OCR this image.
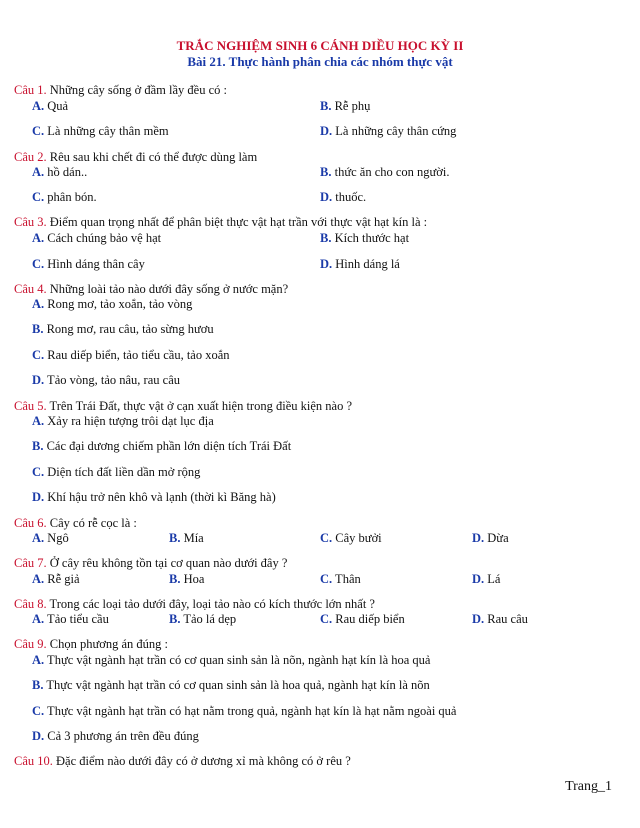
TRẮC NGHIỆM SINH 6 CÁNH DIỀU HỌC KỲ II
Bài 21. Thực hành phân chia các nhóm thực vật
Câu 1. Những cây sống ở đầm lầy đều có :
A. Quả	B. Rễ phụ
C. Là những cây thân mềm	D. Là những cây thân cứng
Câu 2. Rêu sau khi chết đi có thể được dùng làm
A. hồ dán..	B. thức ăn cho con người.
C. phân bón.	D. thuốc.
Câu 3. Điểm quan trọng nhất để phân biệt thực vật hạt trần với thực vật hạt kín là :
A. Cách chúng bảo vệ hạt	B. Kích thước hạt
C. Hình dáng thân cây	D. Hình dáng lá
Câu 4. Những loài tảo nào dưới đây sống ở nước mặn?
A. Rong mơ, tảo xoắn, tảo vòng
B. Rong mơ, rau câu, tảo sừng hươu
C. Rau diếp biển, tảo tiểu cầu, tảo xoắn
D. Tảo vòng, tảo nâu, rau câu
Câu 5. Trên Trái Đất, thực vật ở cạn xuất hiện trong điều kiện nào ?
A. Xảy ra hiện tượng trôi dạt lục địa
B. Các đại dương chiếm phần lớn diện tích Trái Đất
C. Diện tích đất liền dần mở rộng
D. Khí hậu trở nên khô và lạnh (thời kì Băng hà)
Câu 6. Cây có rễ cọc là :
A. Ngô	B. Mía	C. Cây bưởi	D. Dừa
Câu 7. Ở cây rêu không tồn tại cơ quan nào dưới đây ?
A. Rễ giả	B. Hoa	C. Thân	D. Lá
Câu 8. Trong các loại tảo dưới đây, loại tảo nào có kích thước lớn nhất ?
A. Tảo tiểu cầu	B. Tảo lá dẹp	C. Rau diếp biển	D. Rau câu
Câu 9. Chọn phương án đúng :
A. Thực vật ngành hạt trần có cơ quan sinh sản là nõn, ngành hạt kín là hoa quả
B. Thực vật ngành hạt trần có cơ quan sinh sản là hoa quả, ngành hạt kín là nõn
C. Thực vật ngành hạt trần có hạt nằm trong quả, ngành hạt kín là hạt nằm ngoài quả
D. Cả 3 phương án trên đều đúng
Câu 10. Đặc điểm nào dưới đây có ở dương xỉ mà không có ở rêu ?
Trang_1
